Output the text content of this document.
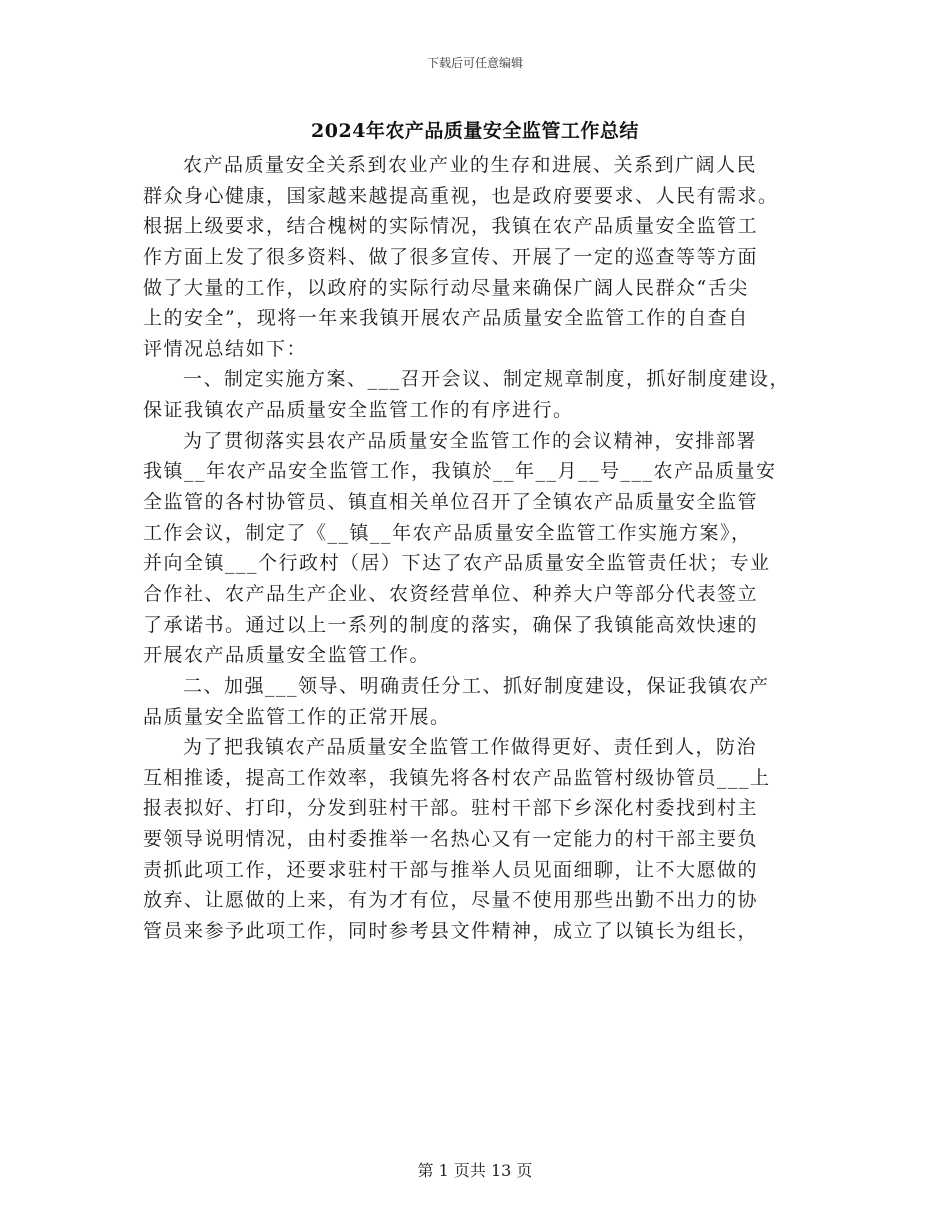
下载后可任意编辑
2024年农产品质量安全监管工作总结
农产品质量安全关系到农业产业的生存和进展、关系到广阔人民
群众身心健康，国家越来越提高重视，也是政府要要求、人民有需求。
根据上级要求，结合槐树的实际情况，我镇在农产品质量安全监管工
作方面上发了很多资料、做了很多宣传、开展了一定的巡查等等方面
做了大量的工作，以政府的实际行动尽量来确保广阔人民群众“舌尖
上的安全”，现将一年来我镇开展农产品质量安全监管工作的自查自
评情况总结如下：
一、制定实施方案、___召开会议、制定规章制度，抓好制度建设，
保证我镇农产品质量安全监管工作的有序进行。
为了贯彻落实县农产品质量安全监管工作的会议精神，安排部署
我镇__年农产品安全监管工作，我镇於__年__月__号___农产品质量安
全监管的各村协管员、镇直相关单位召开了全镇农产品质量安全监管
工作会议，制定了《__镇__年农产品质量安全监管工作实施方案》，
并向全镇___个行政村（居）下达了农产品质量安全监管责任状；专业
合作社、农产品生产企业、农资经营单位、种养大户等部分代表签立
了承诺书。通过以上一系列的制度的落实，确保了我镇能高效快速的
开展农产品质量安全监管工作。
二、加强___领导、明确责任分工、抓好制度建设，保证我镇农产
品质量安全监管工作的正常开展。
为了把我镇农产品质量安全监管工作做得更好、责任到人，防治
互相推诿，提高工作效率，我镇先将各村农产品监管村级协管员___上
报表拟好、打印，分发到驻村干部。驻村干部下乡深化村委找到村主
要领导说明情况，由村委推举一名热心又有一定能力的村干部主要负
责抓此项工作，还要求驻村干部与推举人员见面细聊，让不大愿做的
放弃、让愿做的上来，有为才有位，尽量不使用那些出勤不出力的协
管员来参予此项工作，同时参考县文件精神，成立了以镇长为组长，
第 1 页共 13 页
